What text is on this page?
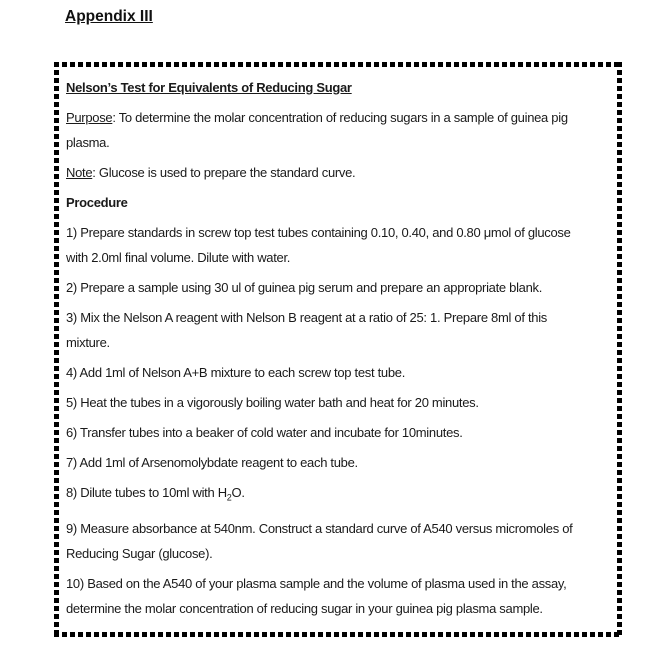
Appendix III

Nelson’s Test for Equivalents of Reducing Sugar

Purpose: To determine the molar concentration of reducing sugars in a sample of guinea pig
plasma.

Note: Glucose is used to prepare the standard curve.

Procedure

1) Prepare standards in screw top test tubes containing 0.10, 0.40, and 0.80 μmol of glucose
with 2.0ml final volume. Dilute with water.

2) Prepare a sample using 30 ul of guinea pig serum and prepare an appropriate blank.

3) Mix the Nelson A reagent with Nelson B reagent at a ratio of 25: 1. Prepare 8ml of this
mixture.

4) Add 1ml of Nelson A+B mixture to each screw top test tube.

5) Heat the tubes in a vigorously boiling water bath and heat for 20 minutes.

6) Transfer tubes into a beaker of cold water and incubate for 10minutes.

7) Add 1ml of Arsenomolybdate reagent to each tube.

8) Dilute tubes to 10ml with $H_2O$.

9) Measure absorbance at 540nm. Construct a standard curve of A540 versus micromoles of
Reducing Sugar (glucose).

10) Based on the A540 of your plasma sample and the volume of plasma used in the assay,
determine the molar concentration of reducing sugar in your guinea pig plasma sample.
